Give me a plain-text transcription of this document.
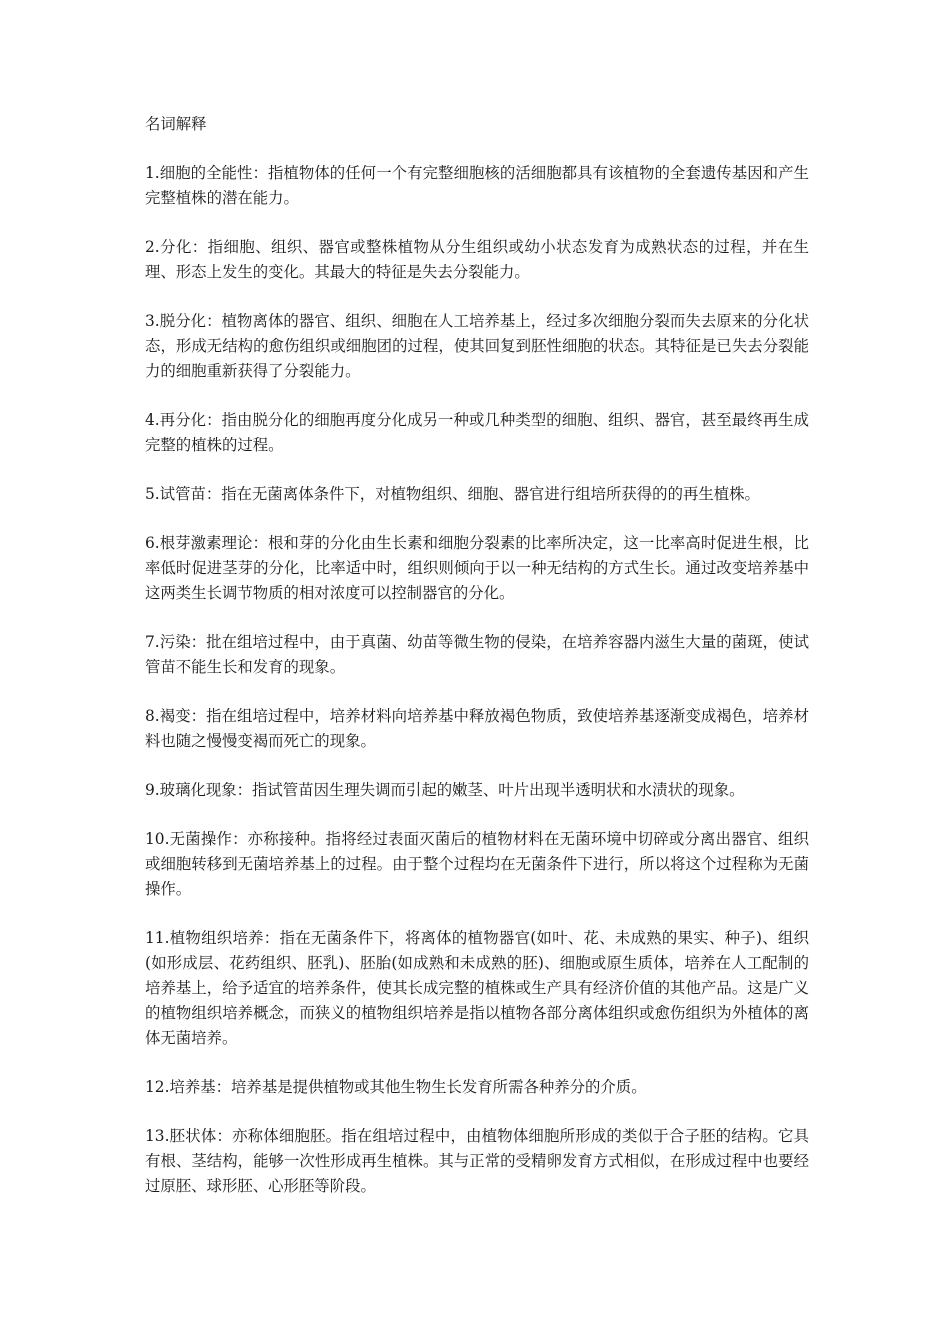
名词解释

1.细胞的全能性：指植物体的任何一个有完整细胞核的活细胞都具有该植物的全套遗传基因和产生完整植株的潜在能力。

2.分化：指细胞、组织、器官或整株植物从分生组织或幼小状态发育为成熟状态的过程，并在生理、形态上发生的变化。其最大的特征是失去分裂能力。

3.脱分化：植物离体的器官、组织、细胞在人工培养基上，经过多次细胞分裂而失去原来的分化状态，形成无结构的愈伤组织或细胞团的过程，使其回复到胚性细胞的状态。其特征是已失去分裂能力的细胞重新获得了分裂能力。

4.再分化：指由脱分化的细胞再度分化成另一种或几种类型的细胞、组织、器官，甚至最终再生成完整的植株的过程。

5.试管苗：指在无菌离体条件下，对植物组织、细胞、器官进行组培所获得的的再生植株。

6.根芽激素理论：根和芽的分化由生长素和细胞分裂素的比率所决定，这一比率高时促进生根，比率低时促进茎芽的分化，比率适中时，组织则倾向于以一种无结构的方式生长。通过改变培养基中这两类生长调节物质的相对浓度可以控制器官的分化。

7.污染：批在组培过程中，由于真菌、幼苗等微生物的侵染，在培养容器内滋生大量的菌斑，使试管苗不能生长和发育的现象。

8.褐变：指在组培过程中，培养材料向培养基中释放褐色物质，致使培养基逐渐变成褐色，培养材料也随之慢慢变褐而死亡的现象。

9.玻璃化现象：指试管苗因生理失调而引起的嫩茎、叶片出现半透明状和水渍状的现象。

10.无菌操作：亦称接种。指将经过表面灭菌后的植物材料在无菌环境中切碎或分离出器官、组织或细胞转移到无菌培养基上的过程。由于整个过程均在无菌条件下进行，所以将这个过程称为无菌操作。

11.植物组织培养：指在无菌条件下，将离体的植物器官(如叶、花、未成熟的果实、种子)、组织(如形成层、花药组织、胚乳)、胚胎(如成熟和未成熟的胚)、细胞或原生质体，培养在人工配制的培养基上，给予适宜的培养条件，使其长成完整的植株或生产具有经济价值的其他产品。这是广义的植物组织培养概念，而狭义的植物组织培养是指以植物各部分离体组织或愈伤组织为外植体的离体无菌培养。

12.培养基：培养基是提供植物或其他生物生长发育所需各种养分的介质。

13.胚状体：亦称体细胞胚。指在组培过程中，由植物体细胞所形成的类似于合子胚的结构。它具有根、茎结构，能够一次性形成再生植株。其与正常的受精卵发育方式相似，在形成过程中也要经过原胚、球形胚、心形胚等阶段。
